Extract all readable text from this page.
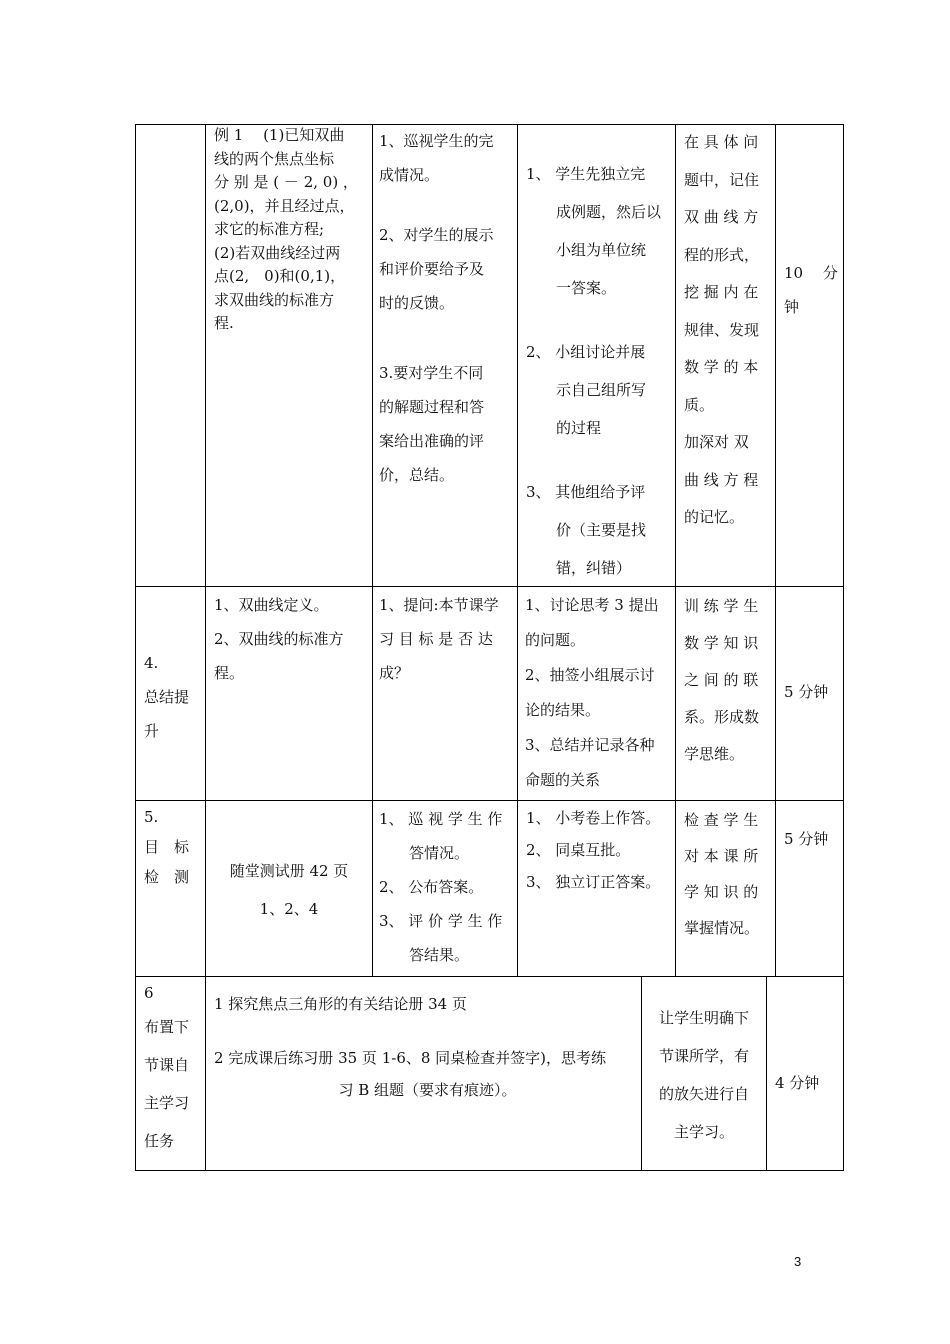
例 1 　(1)已知双曲
线的两个焦点坐标
分 别 是 ( － 2, 0) ，
(2,0)，并且经过点，
求它的标准方程;
(2)若双曲线经过两
点(2,　0)和(0,1)，
求双曲线的标准方
程.
1、巡视学生的完
成情况。
2、对学生的展示
和评价要给予及
时的反馈。
3.要对学生不同
的解题过程和答
案给出准确的评
价，总结。
1、 学生先独立完
　　成例题，然后以
　　小组为单位统
　　一答案。
2、 小组讨论并展
　　示自己组所写
　　的过程
3、 其他组给予评
　　价（主要是找
　　错，纠错）
在 具 体 问
题中，记住
双 曲 线 方
程的形式，
挖 掘 内 在
规律、发现
数 学 的 本
质。
加深对 双
曲 线 方 程
的记忆。
10　 分
钟
4.
总结提
升
1、双曲线定义。
2、双曲线的标准方
程。
1、提问:本节课学
习 目 标 是 否 达
成？
1、讨论思考 3 提出
的问题。
2、抽签小组展示讨
论的结果。
3、总结并记录各种
命题的关系
训 练 学 生
数 学 知 识
之 间 的 联
系。形成数
学思维。
5 分钟
5.
目　标
检　测	随堂测试册 42 页
1、2、4
1、 巡 视 学 生 作
　　答情况。
2、 公布答案。
3、 评 价 学 生 作
　　答结果。
1、 小考卷上作答。
2、 同桌互批。
3、 独立订正答案。
检 查 学 生
对 本 课 所
学 知 识 的
掌握情况。
5 分钟
6
布置下
节课自
主学习
任务
1 探究焦点三角形的有关结论册 34 页
2 完成课后练习册 35 页 1-6、8 同桌检查并签字)，思考练
习 B 组题（要求有痕迹）。
让学生明确下
节课所学，有
的放矢进行自
主学习。
4 分钟
3
